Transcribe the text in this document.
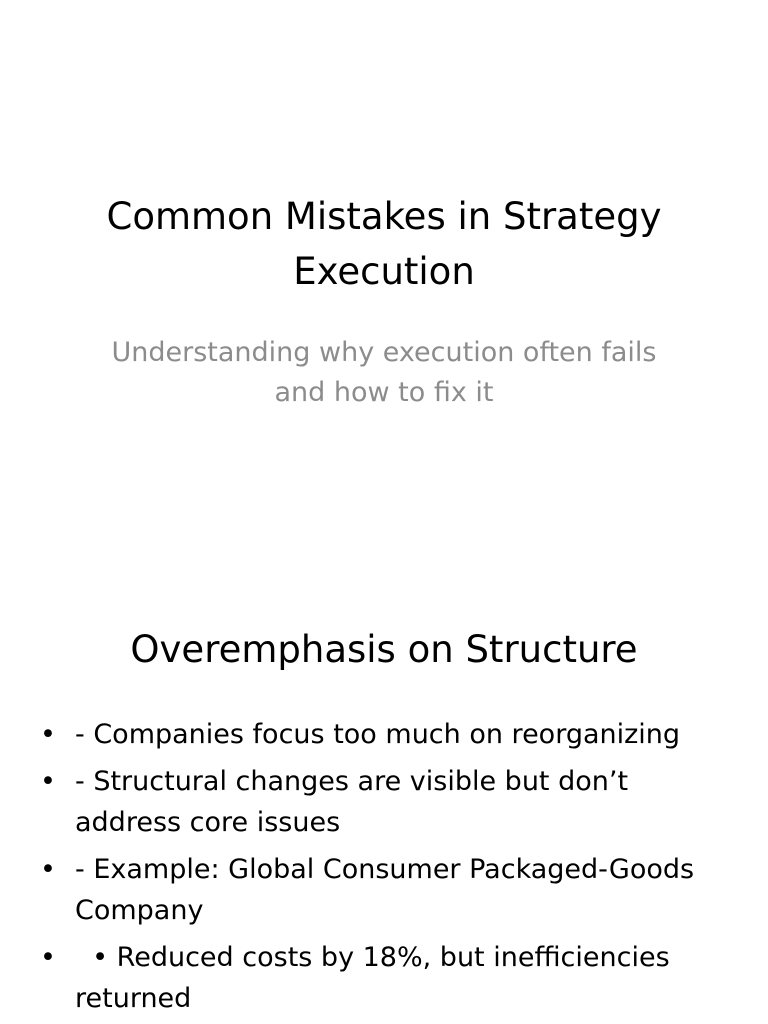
Common Mistakes in Strategy Execution
Understanding why execution often fails and how to fix it
Overemphasis on Structure
• - Companies focus too much on reorganizing
• - Structural changes are visible but don’t address core issues
• - Example: Global Consumer Packaged-Goods Company
• • Reduced costs by 18%, but inefficiencies returned
